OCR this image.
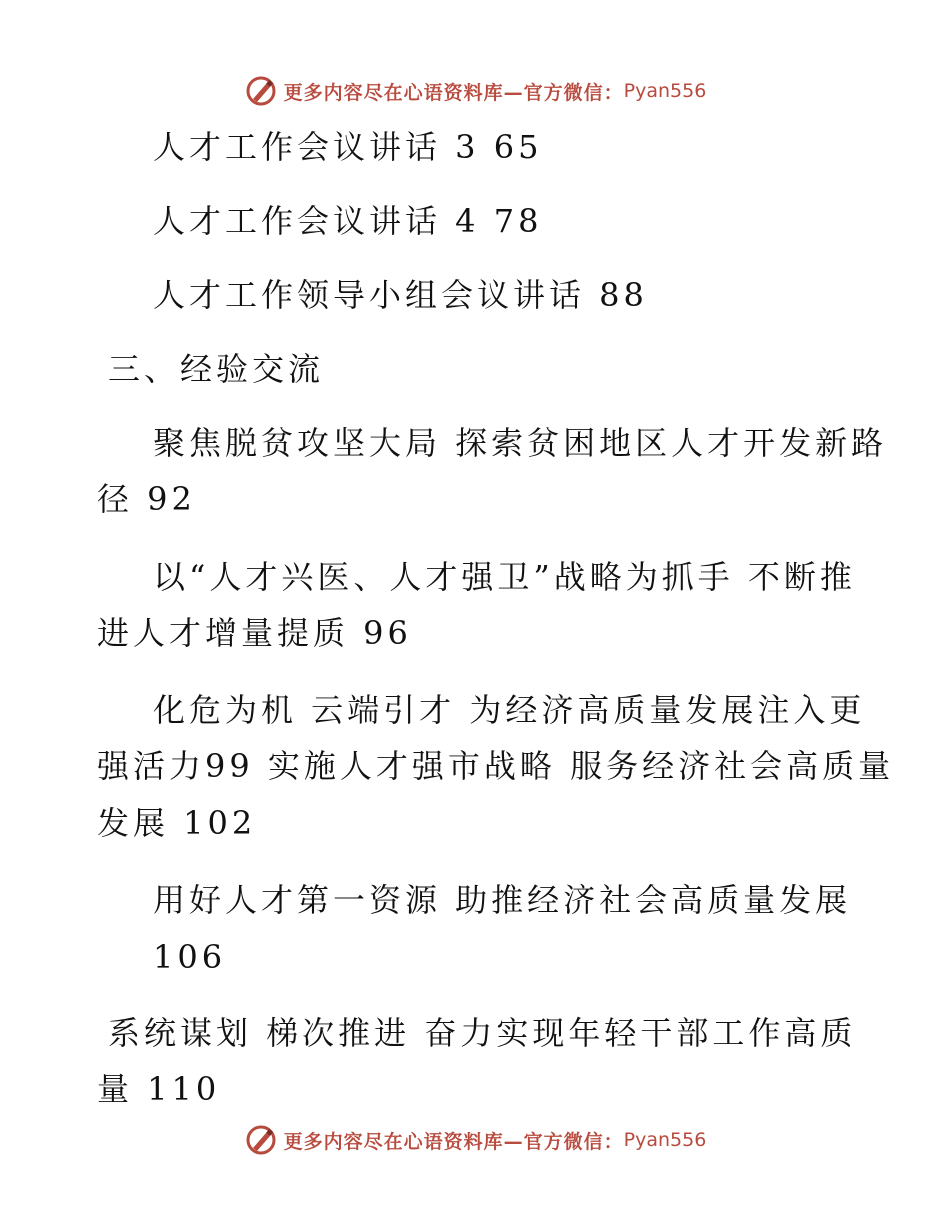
更多内容尽在心语资料库—官方微信： Pyan556
人才工作会议讲话 3 65
人才工作会议讲话 4 78
人才工作领导小组会议讲话 88
三、经验交流
聚焦脱贫攻坚大局 探索贫困地区人才开发新路
径 92
以“人才兴医、人才强卫”战略为抓手 不断推
进人才增量提质 96
化危为机 云端引才 为经济高质量发展注入更
强活力99 实施人才强市战略 服务经济社会高质量
发展 102
用好人才第一资源 助推经济社会高质量发展
106
系统谋划 梯次推进 奋力实现年轻干部工作高质
量 110
更多内容尽在心语资料库—官方微信： Pyan556
